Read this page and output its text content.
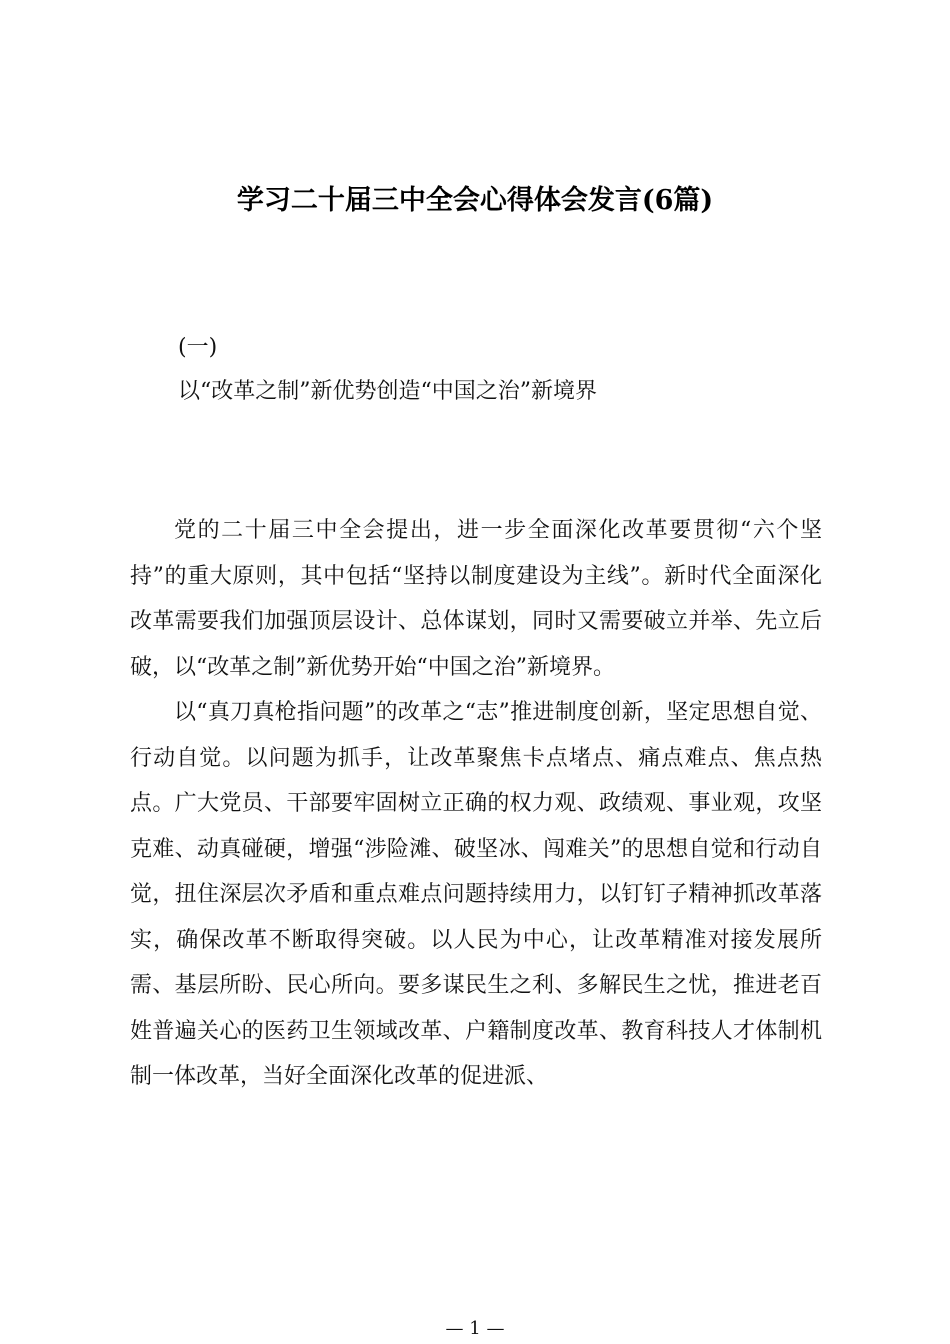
学习二十届三中全会心得体会发言(6篇)
(一)
以“改革之制”新优势创造“中国之治”新境界

党的二十届三中全会提出，进一步全面深化改革要贯彻“六个坚持”的重大原则，其中包括“坚持以制度建设为主线”。新时代全面深化改革需要我们加强顶层设计、总体谋划，同时又需要破立并举、先立后破，以“改革之制”新优势开始“中国之治”新境界。

以“真刀真枪指问题”的改革之“志”推进制度创新，坚定思想自觉、行动自觉。以问题为抓手，让改革聚焦卡点堵点、痛点难点、焦点热点。广大党员、干部要牢固树立正确的权力观、政绩观、事业观，攻坚克难、动真碰硬，增强“涉险滩、破坚冰、闯难关”的思想自觉和行动自觉，扭住深层次矛盾和重点难点问题持续用力，以钉钉子精神抓改革落实，确保改革不断取得突破。以人民为中心，让改革精准对接发展所需、基层所盼、民心所向。要多谋民生之利、多解民生之忧，推进老百姓普遍关心的医药卫生领域改革、户籍制度改革、教育科技人才体制机制一体改革，当好全面深化改革的促进派、

— 1 —
